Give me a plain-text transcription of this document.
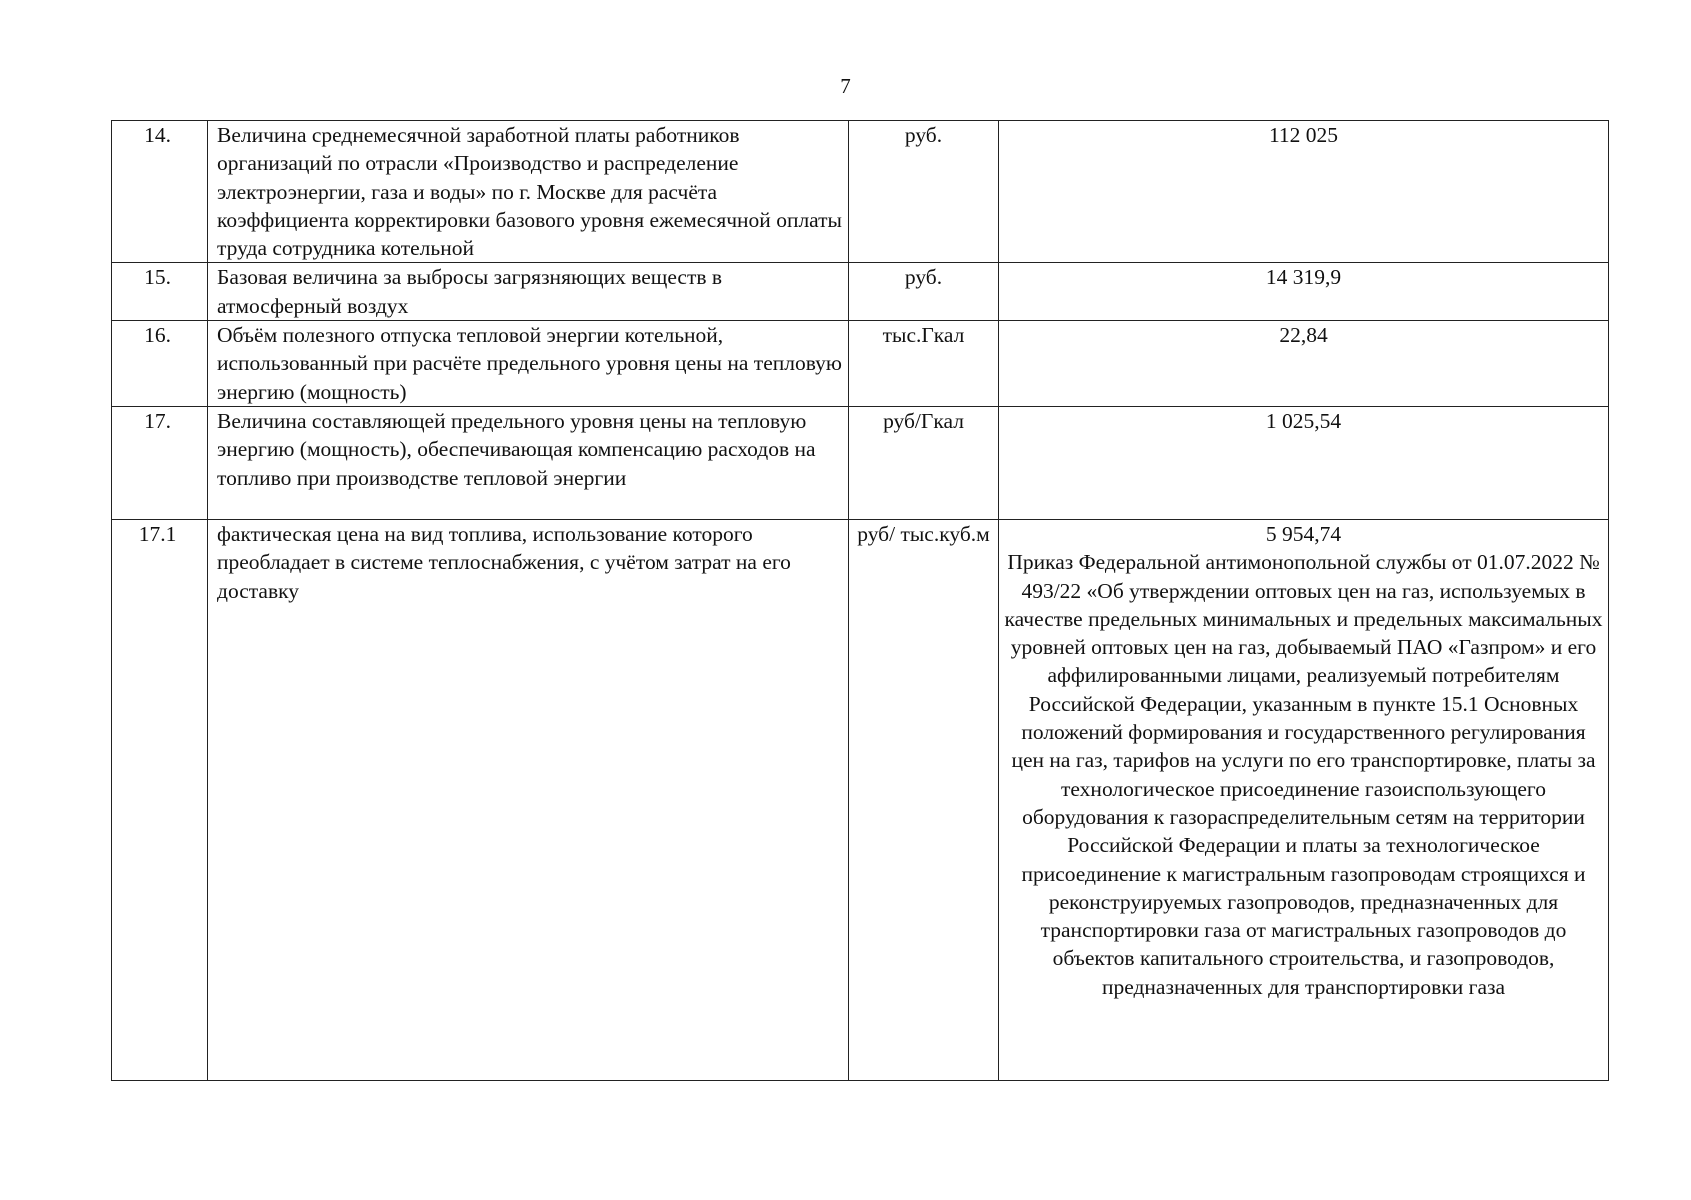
7
14.	Величина среднемесячной заработной платы работников организаций по отрасли «Производство и распределение электроэнергии, газа и воды» по г. Москве для расчёта коэффициента корректировки базового уровня ежемесячной оплаты труда сотрудника котельной	руб.	112 025
15.	Базовая величина за выбросы загрязняющих веществ в атмосферный воздух	руб.	14 319,9
16.	Объём полезного отпуска тепловой энергии котельной, использованный при расчёте предельного уровня цены на тепловую энергию (мощность)	тыс.Гкал	22,84
17.	Величина составляющей предельного уровня цены на тепловую энергию (мощность), обеспечивающая компенсацию расходов на топливо при производстве тепловой энергии	руб/Гкал	1 025,54
17.1	фактическая цена на вид топлива, использование которого преобладает в системе теплоснабжения, с учётом затрат на его доставку	руб/ тыс.куб.м	5 954,74
Приказ Федеральной антимонопольной службы от 01.07.2022 № 493/22 «Об утверждении оптовых цен на газ, используемых в качестве предельных минимальных и предельных максимальных уровней оптовых цен на газ, добываемый ПАО «Газпром» и его аффилированными лицами, реализуемый потребителям Российской Федерации, указанным в пункте 15.1 Основных положений формирования и государственного регулирования цен на газ, тарифов на услуги по его транспортировке, платы за технологическое присоединение газоиспользующего оборудования к газораспределительным сетям на территории Российской Федерации и платы за технологическое присоединение к магистральным газопроводам строящихся и реконструируемых газопроводов, предназначенных для транспортировки газа от магистральных газопроводов до объектов капитального строительства, и газопроводов, предназначенных для транспортировки газа
